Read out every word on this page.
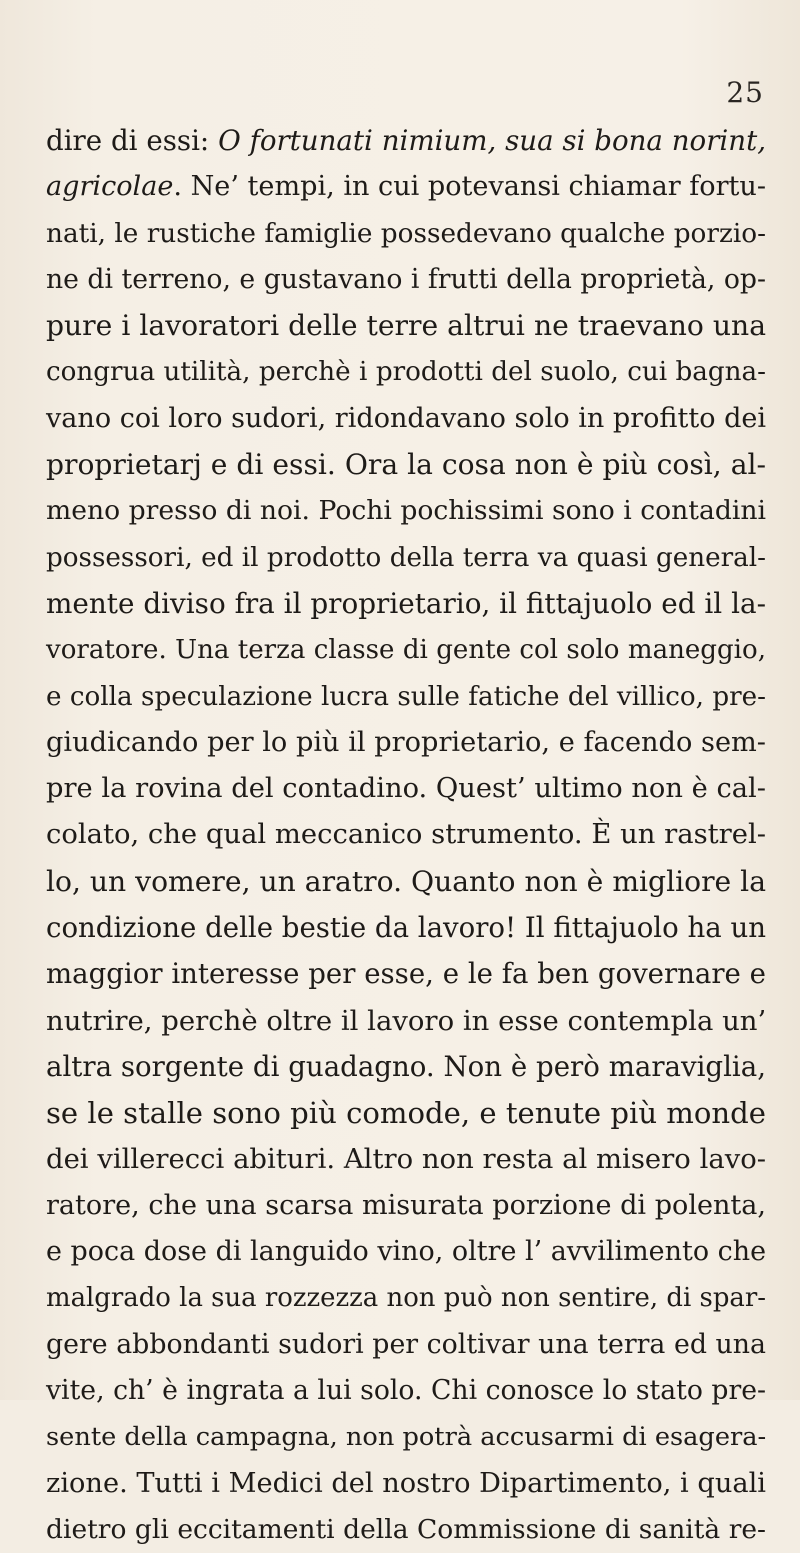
25
dire di essi: O fortunati nimium, sua si bona norint,
agricolae. Ne’ tempi, in cui potevansi chiamar fortu-
nati, le rustiche famiglie possedevano qualche porzio-
ne di terreno, e gustavano i frutti della proprietà, op-
pure i lavoratori delle terre altrui ne traevano una
congrua utilità, perchè i prodotti del suolo, cui bagna-
vano coi loro sudori, ridondavano solo in profitto dei
proprietarj e di essi. Ora la cosa non è più così, al-
meno presso di noi. Pochi pochissimi sono i contadini
possessori, ed il prodotto della terra va quasi general-
mente diviso fra il proprietario, il fittajuolo ed il la-
voratore. Una terza classe di gente col solo maneggio,
e colla speculazione lucra sulle fatiche del villico, pre-
giudicando per lo più il proprietario, e facendo sem-
pre la rovina del contadino. Quest’ ultimo non è cal-
colato, che qual meccanico strumento. È un rastrel-
lo, un vomere, un aratro. Quanto non è migliore la
condizione delle bestie da lavoro! Il fittajuolo ha un
maggior interesse per esse, e le fa ben governare e
nutrire, perchè oltre il lavoro in esse contempla un’
altra sorgente di guadagno. Non è però maraviglia,
se le stalle sono più comode, e tenute più monde
dei villerecci abituri. Altro non resta al misero lavo-
ratore, che una scarsa misurata porzione di polenta,
e poca dose di languido vino, oltre l’ avvilimento che
malgrado la sua rozzezza non può non sentire, di spar-
gere abbondanti sudori per coltivar una terra ed una
vite, ch’ è ingrata a lui solo. Chi conosce lo stato pre-
sente della campagna, non potrà accusarmi di esagera-
zione. Tutti i Medici del nostro Dipartimento, i quali
dietro gli eccitamenti della Commissione di sanità re-
